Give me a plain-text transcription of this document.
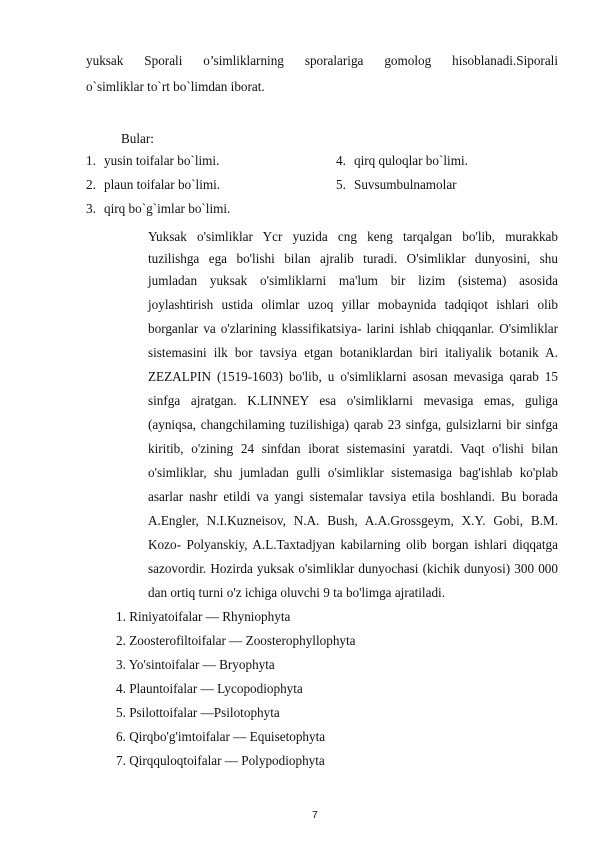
yuksak Sporali o’simliklarning sporalariga gomolog hisoblanadi.Siporali
o`simliklar to`rt bo`limdan iborat.
Bular:
1. yusin toifalar bo`limi.
2. plaun toifalar bo`limi.
3. qirq bo`g`imlar bo`limi.
4. qirq quloqlar bo`limi.
5. Suvsumbulnamolar
Yuksak o'simliklar Ycr yuzida cng keng tarqalgan bo'lib, murakkab
tuzilishga ega bo'lishi bilan ajralib turadi. O'simliklar dunyosini, shu
jumladan yuksak o'simliklarni ma'lum bir lizim (sistema) asosida
joylashtirish ustida olimlar uzoq yillar mobaynida tadqiqot ishlari olib
borganlar va o'zlarining klassifikatsiya- larini ishlab chiqqanlar. O'simliklar
sistemasini ilk bor tavsiya etgan botaniklardan biri italiyalik botanik A.
ZEZALPIN (1519-1603) bo'lib, u o'simliklarni asosan mevasiga qarab 15
sinfga ajratgan. K.LINNEY esa o'simliklarni mevasiga emas, guliga
(ayniqsa, changchilaming tuzilishiga) qarab 23 sinfga, gulsizlarni bir sinfga
kiritib, o'zining 24 sinfdan iborat sistemasini yaratdi. Vaqt o'lishi bilan
o'simliklar, shu jumladan gulli o'simliklar sistemasiga bag'ishlab ko'plab
asarlar nashr etildi va yangi sistemalar tavsiya etila boshlandi. Bu borada
A.Engler, N.I.Kuzneisov, N.A. Bush, A.A.Grossgeym, X.Y. Gobi, B.M.
Kozo- Polyanskiy, A.L.Taxtadjyan kabilarning olib borgan ishlari diqqatga
sazovordir. Hozirda yuksak o'simliklar dunyochasi (kichik dunyosi) 300 000
dan ortiq turni o'z ichiga oluvchi 9 ta bo'limga ajratiladi.
1. Riniyatoifalar — Rhyniophyta
2. Zoosterofiltoifalar — Zoosterophyllophyta
3. Yo'sintoifalar — Bryophyta
4. Plauntoifalar — Lycopodiophyta
5. Psilottoifalar —Psilotophyta
6. Qirqbo'g'imtoifalar — Equisetophyta
7. Qirqquloqtoifalar — Polypodiophyta
7
